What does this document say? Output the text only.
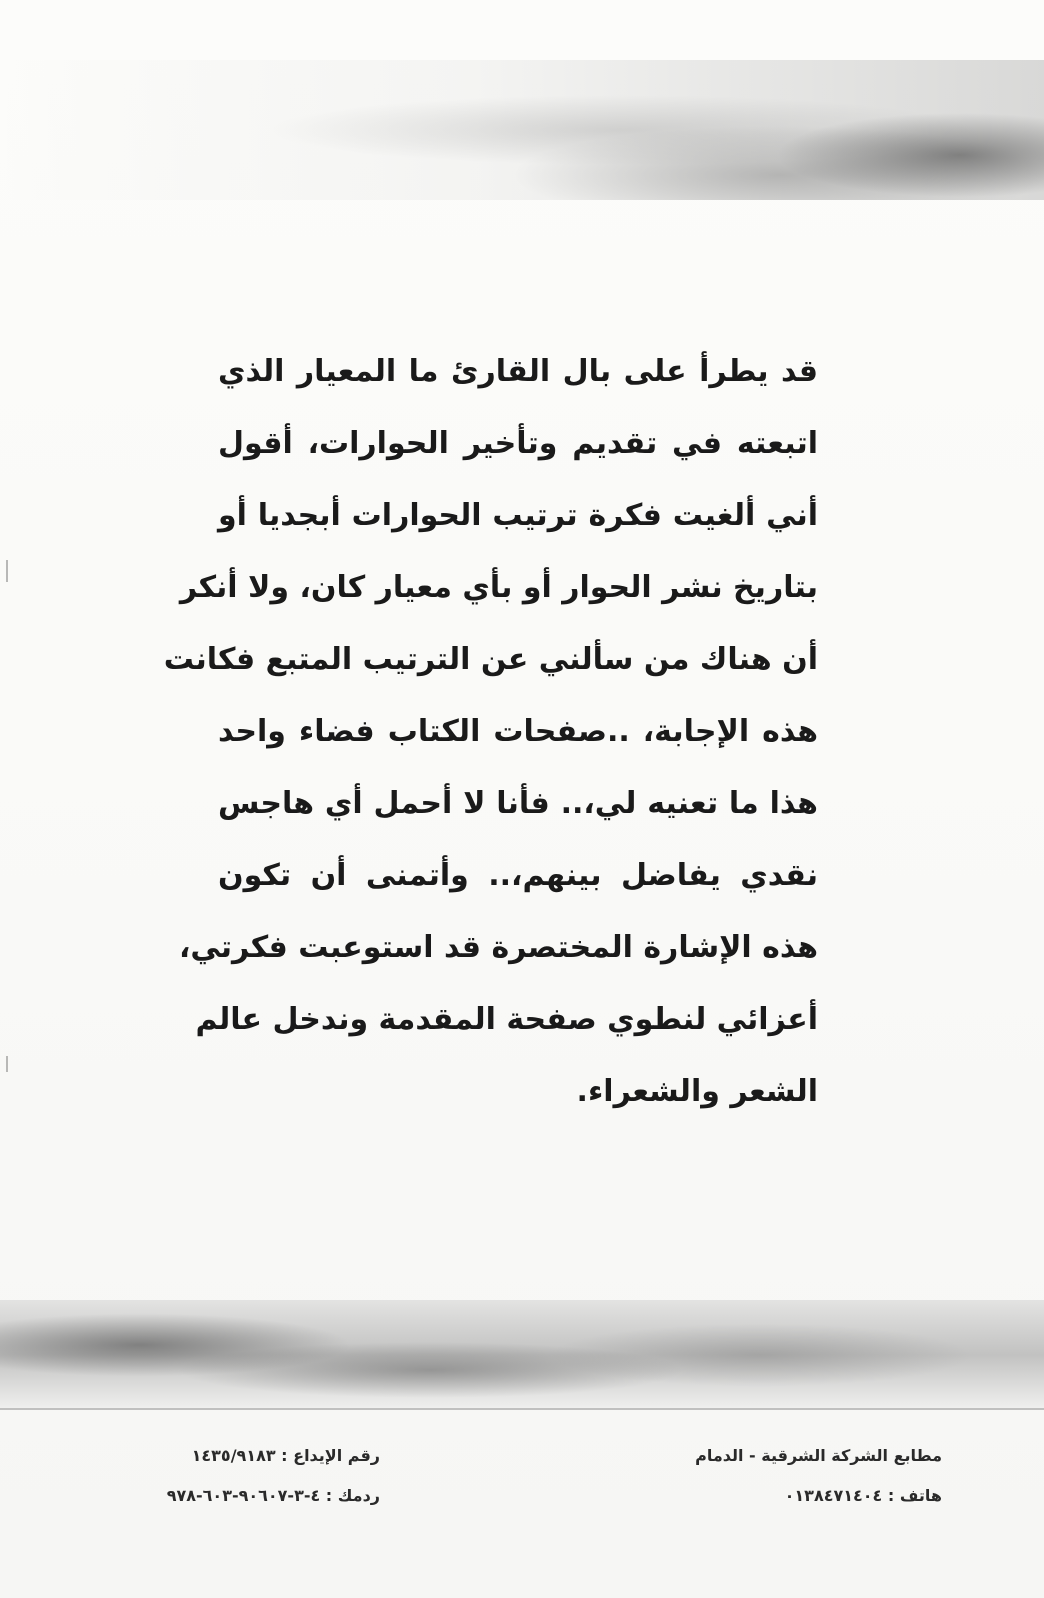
قد يطرأ على بال القارئ ما المعيار الذي
اتبعته في تقديم وتأخير الحوارات، أقول
أني ألغيت فكرة ترتيب الحوارات أبجديا أو
بتاريخ نشر الحوار أو بأي معيار كان، ولا أنكر
أن هناك من سألني عن الترتيب المتبع فكانت
هذه الإجابة، ..صفحات الكتاب فضاء واحد
هذا ما تعنيه لي،.. فأنا لا أحمل أي هاجس
نقدي يفاضل بينهم،.. وأتمنى أن تكون
هذه الإشارة المختصرة قد استوعبت فكرتي،
أعزائي لنطوي صفحة المقدمة وندخل عالم
الشعر والشعراء.
مطابع الشركة الشرقية - الدمام
هاتف : ٠١٣٨٤٧١٤٠٤
رقم الإيداع : ١٤٣٥/٩١٨٣
ردمك : ٤-٣-٩٠٦٠٧-٦٠٣-٩٧٨
